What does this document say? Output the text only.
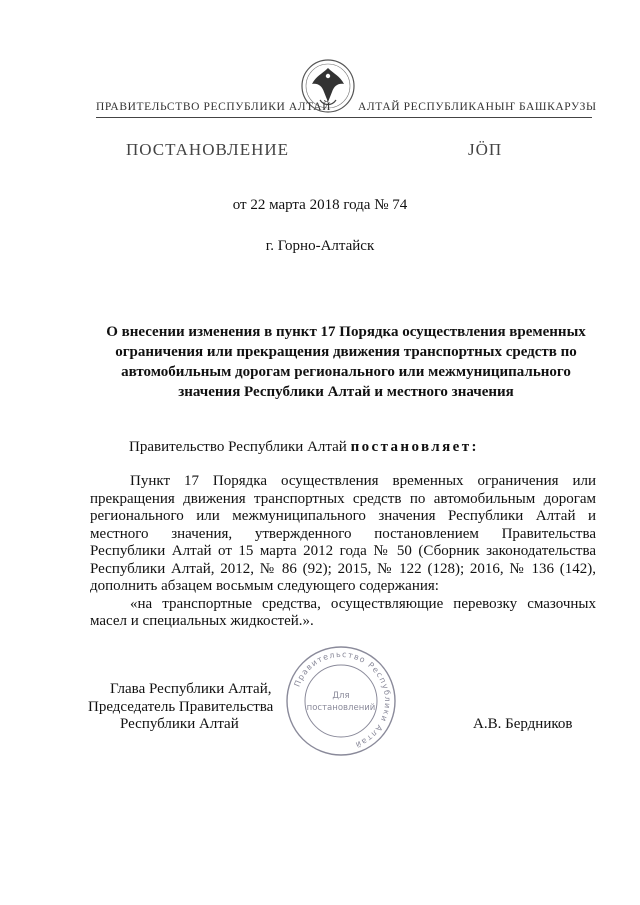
ПРАВИТЕЛЬСТВО РЕСПУБЛИКИ АЛТАЙ АЛТАЙ РЕСПУБЛИКАНЫҤ БАШКАРУЗЫ
ПОСТАНОВЛЕНИЕ	ЈӦП
от 22 марта 2018 года № 74
г. Горно-Алтайск
О внесении изменения в пункт 17 Порядка осуществления временных ограничения или прекращения движения транспортных средств по автомобильным дорогам регионального или межмуниципального значения Республики Алтай и местного значения
Правительство Республики Алтай постановляет:

Пункт 17 Порядка осуществления временных ограничения или прекращения движения транспортных средств по автомобильным дорогам регионального или межмуниципального значения Республики Алтай и местного значения, утвержденного постановлением Правительства Республики Алтай от 15 марта 2012 года № 50 (Сборник законодательства Республики Алтай, 2012, № 86 (92); 2015, № 122 (128); 2016, № 136 (142), дополнить абзацем восьмым следующего содержания:

«на транспортные средства, осуществляющие перевозку смазочных масел и специальных жидкостей.».

Глава Республики Алтай,
Председатель Правительства
Республики Алтай	А.В. Бердников
Правительство Республики Алтай
Для
постановлений
